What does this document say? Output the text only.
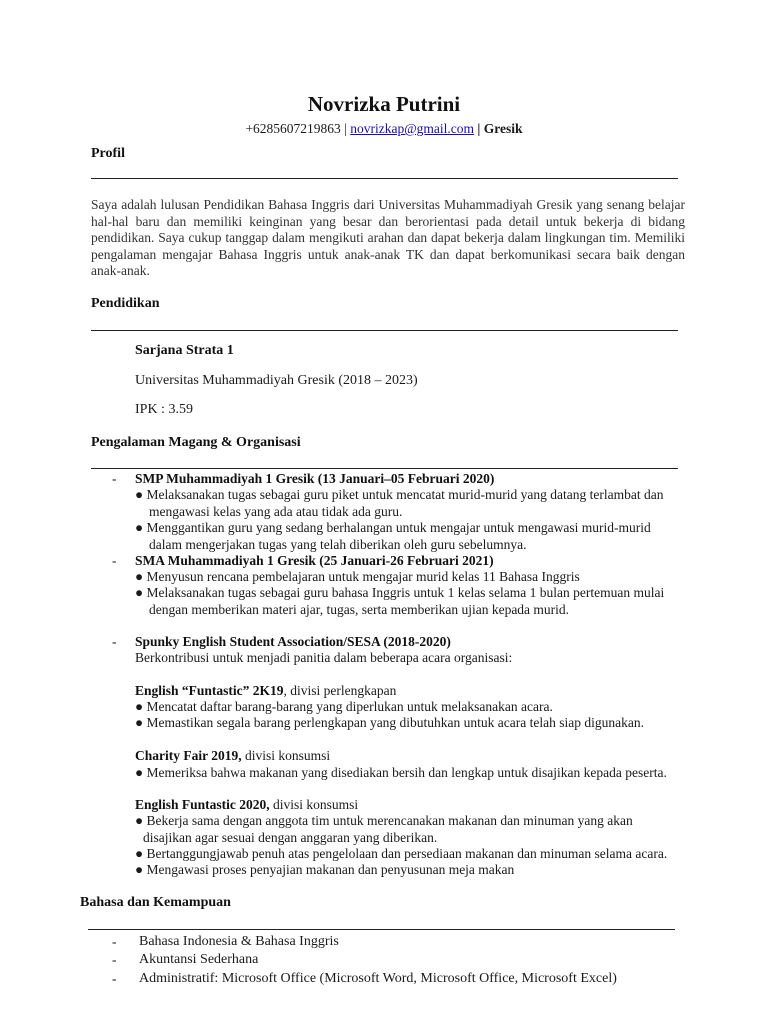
Novrizka Putrini
+6285607219863 | novrizkap@gmail.com | Gresik
Profil
Saya adalah lulusan Pendidikan Bahasa Inggris dari Universitas Muhammadiyah Gresik yang senang belajar hal-hal baru dan memiliki keinginan yang besar dan berorientasi pada detail untuk bekerja di bidang pendidikan. Saya cukup tanggap dalam mengikuti arahan dan dapat bekerja dalam lingkungan tim. Memiliki pengalaman mengajar Bahasa Inggris untuk anak-anak TK dan dapat berkomunikasi secara baik dengan anak-anak.
Pendidikan
Sarjana Strata 1
Universitas Muhammadiyah Gresik (2018 – 2023)
IPK : 3.59
Pengalaman Magang & Organisasi
- SMP Muhammadiyah 1 Gresik (13 Januari–05 Februari 2020)
● Melaksanakan tugas sebagai guru piket untuk mencatat murid-murid yang datang terlambat dan
mengawasi kelas yang ada atau tidak ada guru.
● Menggantikan guru yang sedang berhalangan untuk mengajar untuk mengawasi murid-murid
dalam mengerjakan tugas yang telah diberikan oleh guru sebelumnya.
- SMA Muhammadiyah 1 Gresik (25 Januari-26 Februari 2021)
● Menyusun rencana pembelajaran untuk mengajar murid kelas 11 Bahasa Inggris
● Melaksanakan tugas sebagai guru bahasa Inggris untuk 1 kelas selama 1 bulan pertemuan mulai
dengan memberikan materi ajar, tugas, serta memberikan ujian kepada murid.
- Spunky English Student Association/SESA (2018-2020)
Berkontribusi untuk menjadi panitia dalam beberapa acara organisasi:
English “Funtastic” 2K19, divisi perlengkapan
● Mencatat daftar barang-barang yang diperlukan untuk melaksanakan acara.
● Memastikan segala barang perlengkapan yang dibutuhkan untuk acara telah siap digunakan.
Charity Fair 2019, divisi konsumsi
● Memeriksa bahwa makanan yang disediakan bersih dan lengkap untuk disajikan kepada peserta.
English Funtastic 2020, divisi konsumsi
● Bekerja sama dengan anggota tim untuk merencanakan makanan dan minuman yang akan
disajikan agar sesuai dengan anggaran yang diberikan.
● Bertanggungjawab penuh atas pengelolaan dan persediaan makanan dan minuman selama acara.
● Mengawasi proses penyajian makanan dan penyusunan meja makan
Bahasa dan Kemampuan
- Bahasa Indonesia & Bahasa Inggris
- Akuntansi Sederhana
- Administratif: Microsoft Office (Microsoft Word, Microsoft Office, Microsoft Excel)
